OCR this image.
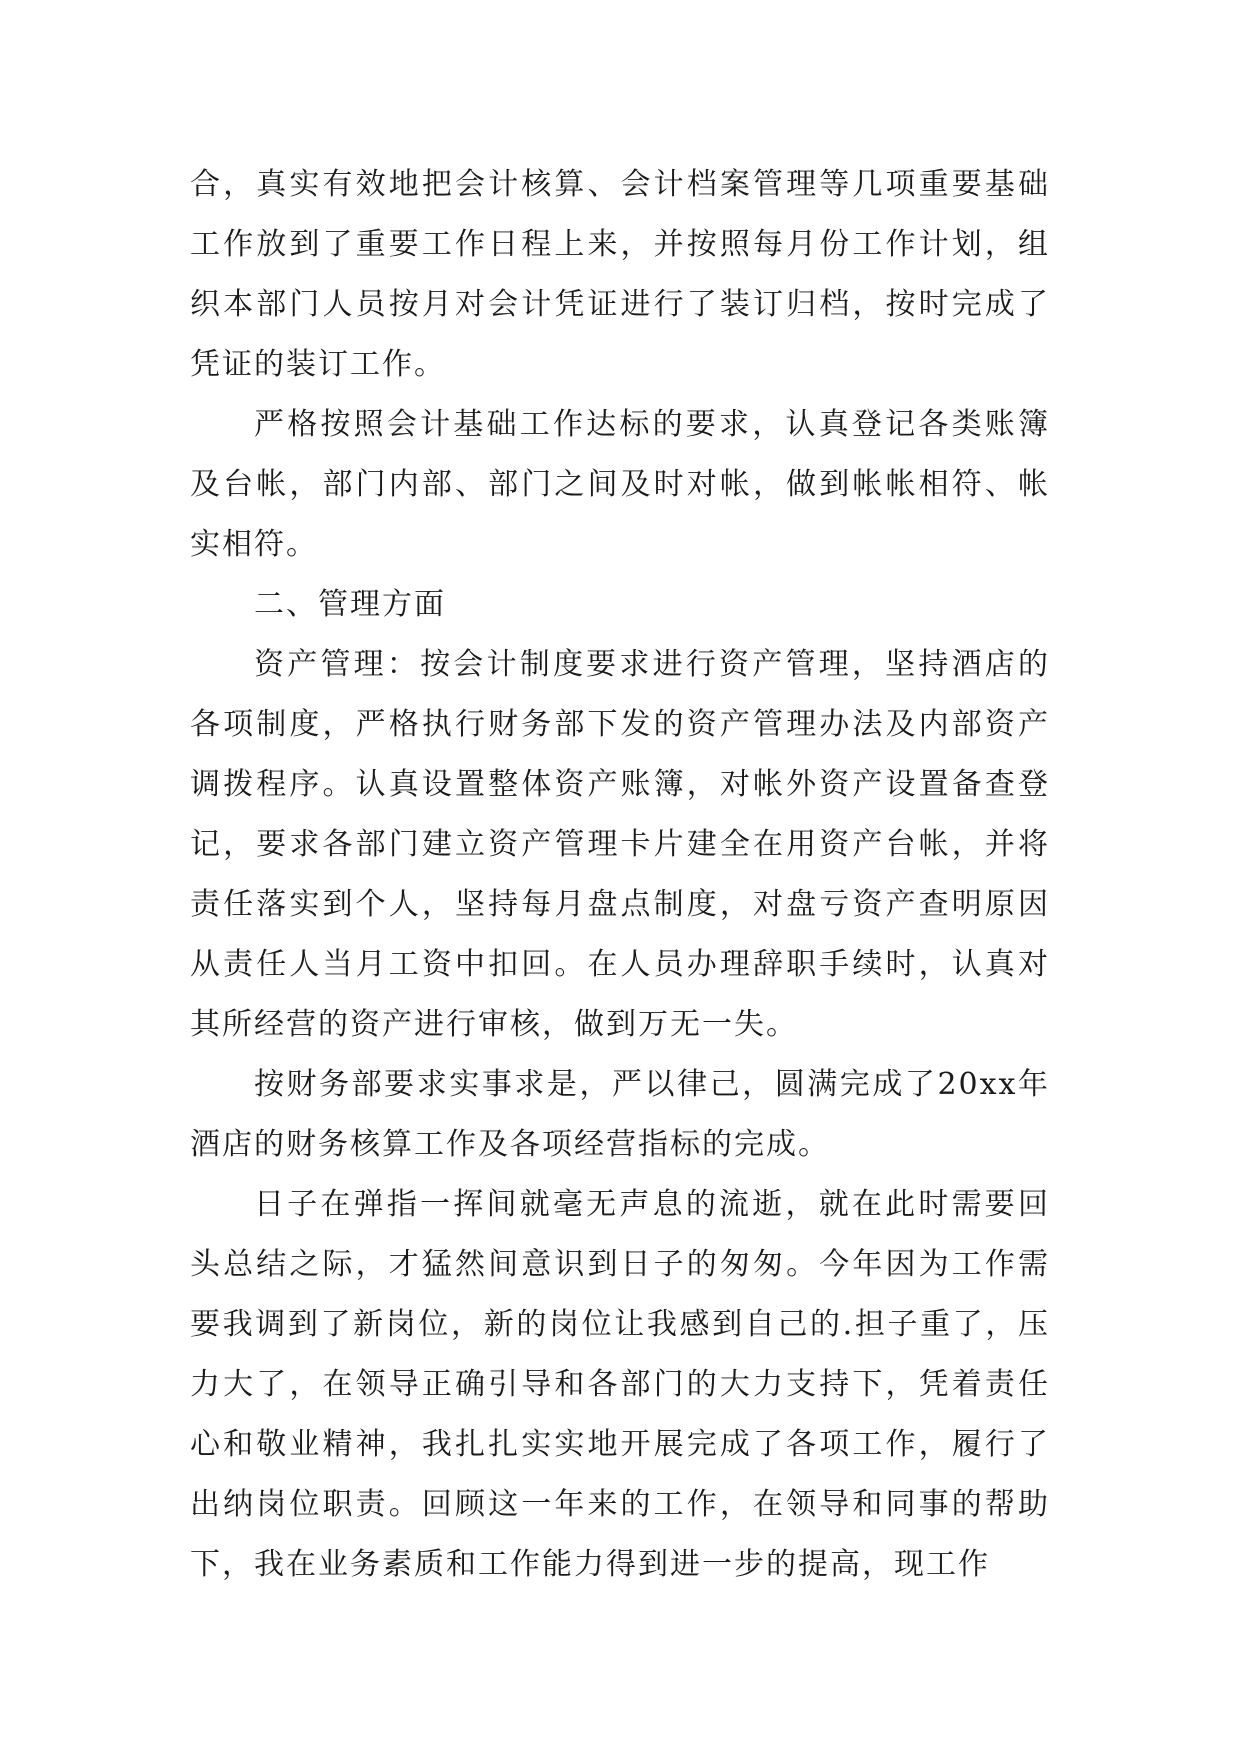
合，真实有效地把会计核算、会计档案管理等几项重要基础工作放到了重要工作日程上来，并按照每月份工作计划，组织本部门人员按月对会计凭证进行了装订归档，按时完成了凭证的装订工作。

严格按照会计基础工作达标的要求，认真登记各类账簿及台帐，部门内部、部门之间及时对帐，做到帐帐相符、帐实相符。

二、管理方面

资产管理：按会计制度要求进行资产管理，坚持酒店的各项制度，严格执行财务部下发的资产管理办法及内部资产调拨程序。认真设置整体资产账簿，对帐外资产设置备查登记，要求各部门建立资产管理卡片建全在用资产台帐，并将责任落实到个人，坚持每月盘点制度，对盘亏资产查明原因从责任人当月工资中扣回。在人员办理辞职手续时，认真对其所经营的资产进行审核，做到万无一失。

按财务部要求实事求是，严以律己，圆满完成了20xx年酒店的财务核算工作及各项经营指标的完成。

日子在弹指一挥间就毫无声息的流逝，就在此时需要回头总结之际，才猛然间意识到日子的匆匆。今年因为工作需要我调到了新岗位，新的岗位让我感到自己的.担子重了，压力大了，在领导正确引导和各部门的大力支持下，凭着责任心和敬业精神，我扎扎实实地开展完成了各项工作，履行了出纳岗位职责。回顾这一年来的工作，在领导和同事的帮助下，我在业务素质和工作能力得到进一步的提高，现工作
